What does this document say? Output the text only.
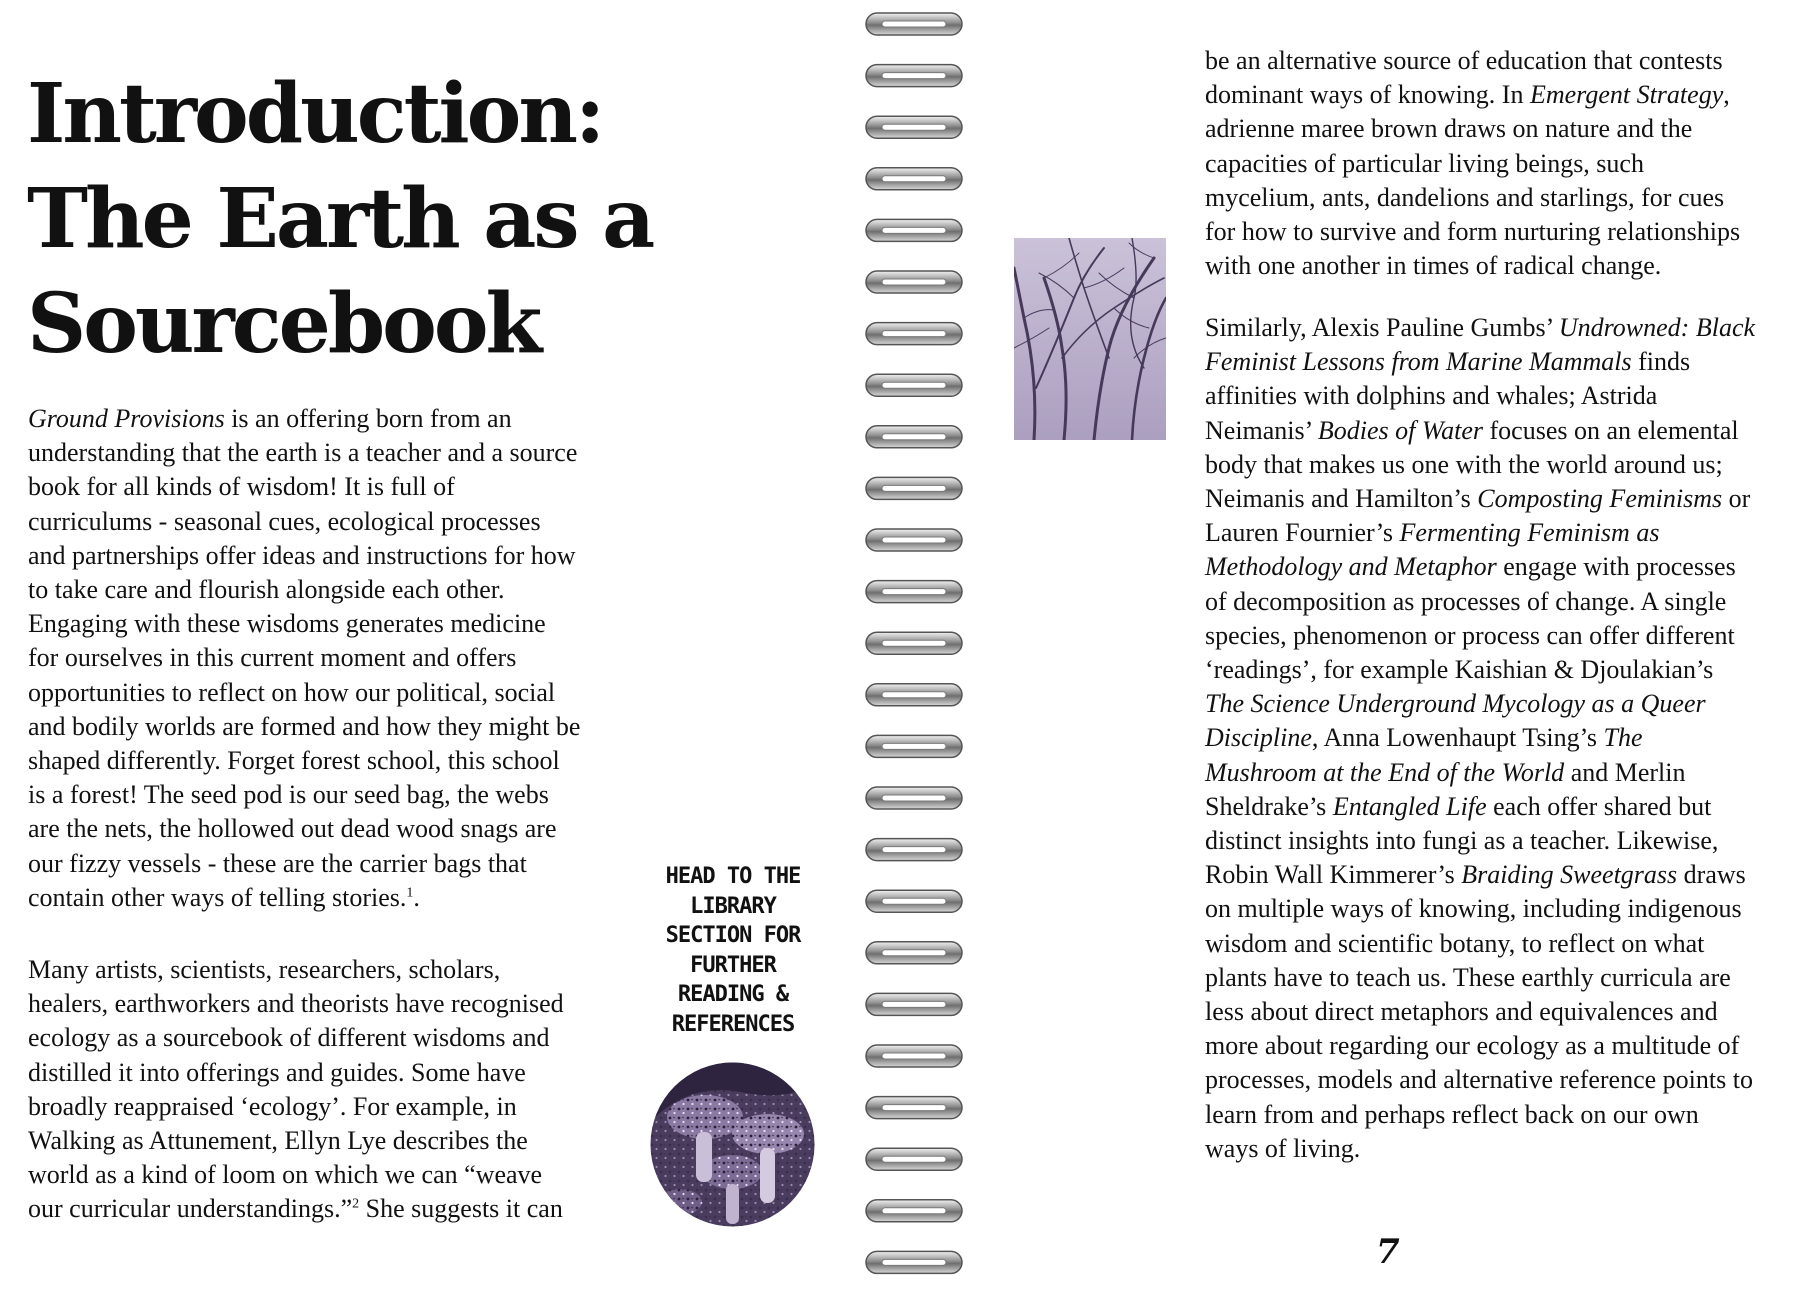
Introduction:
The Earth as a
Sourcebook

Ground Provisions is an offering born from an
understanding that the earth is a teacher and a source
book for all kinds of wisdom! It is full of
curriculums - seasonal cues, ecological processes
and partnerships offer ideas and instructions for how
to take care and flourish alongside each other.
Engaging with these wisdoms generates medicine
for ourselves in this current moment and offers
opportunities to reflect on how our political, social
and bodily worlds are formed and how they might be
shaped differently. Forget forest school, this school
is a forest! The seed pod is our seed bag, the webs
are the nets, the hollowed out dead wood snags are
our fizzy vessels - these are the carrier bags that
contain other ways of telling stories.$^1$.

Many artists, scientists, researchers, scholars,
healers, earthworkers and theorists have recognised
ecology as a sourcebook of different wisdoms and
distilled it into offerings and guides. Some have
broadly reappraised ‘ecology’. For example, in
Walking as Attunement, Ellyn Lye describes the
world as a kind of loom on which we can “weave
our curricular understandings.”$^2$ She suggests it can

HEAD TO THE
LIBRARY
SECTION FOR
FURTHER
READING &
REFERENCES

be an alternative source of education that contests
dominant ways of knowing. In Emergent Strategy,
adrienne maree brown draws on nature and the
capacities of particular living beings, such
mycelium, ants, dandelions and starlings, for cues
for how to survive and form nurturing relationships
with one another in times of radical change.

Similarly, Alexis Pauline Gumbs’ Undrowned: Black
Feminist Lessons from Marine Mammals finds
affinities with dolphins and whales; Astrida
Neimanis’ Bodies of Water focuses on an elemental
body that makes us one with the world around us;
Neimanis and Hamilton’s Composting Feminisms or
Lauren Fournier’s Fermenting Feminism as
Methodology and Metaphor engage with processes
of decomposition as processes of change. A single
species, phenomenon or process can offer different
‘readings’, for example Kaishian & Djoulakian’s
The Science Underground Mycology as a Queer
Discipline, Anna Lowenhaupt Tsing’s The
Mushroom at the End of the World and Merlin
Sheldrake’s Entangled Life each offer shared but
distinct insights into fungi as a teacher. Likewise,
Robin Wall Kimmerer’s Braiding Sweetgrass draws
on multiple ways of knowing, including indigenous
wisdom and scientific botany, to reflect on what
plants have to teach us. These earthly curricula are
less about direct metaphors and equivalences and
more about regarding our ecology as a multitude of
processes, models and alternative reference points to
learn from and perhaps reflect back on our own
ways of living.

7
